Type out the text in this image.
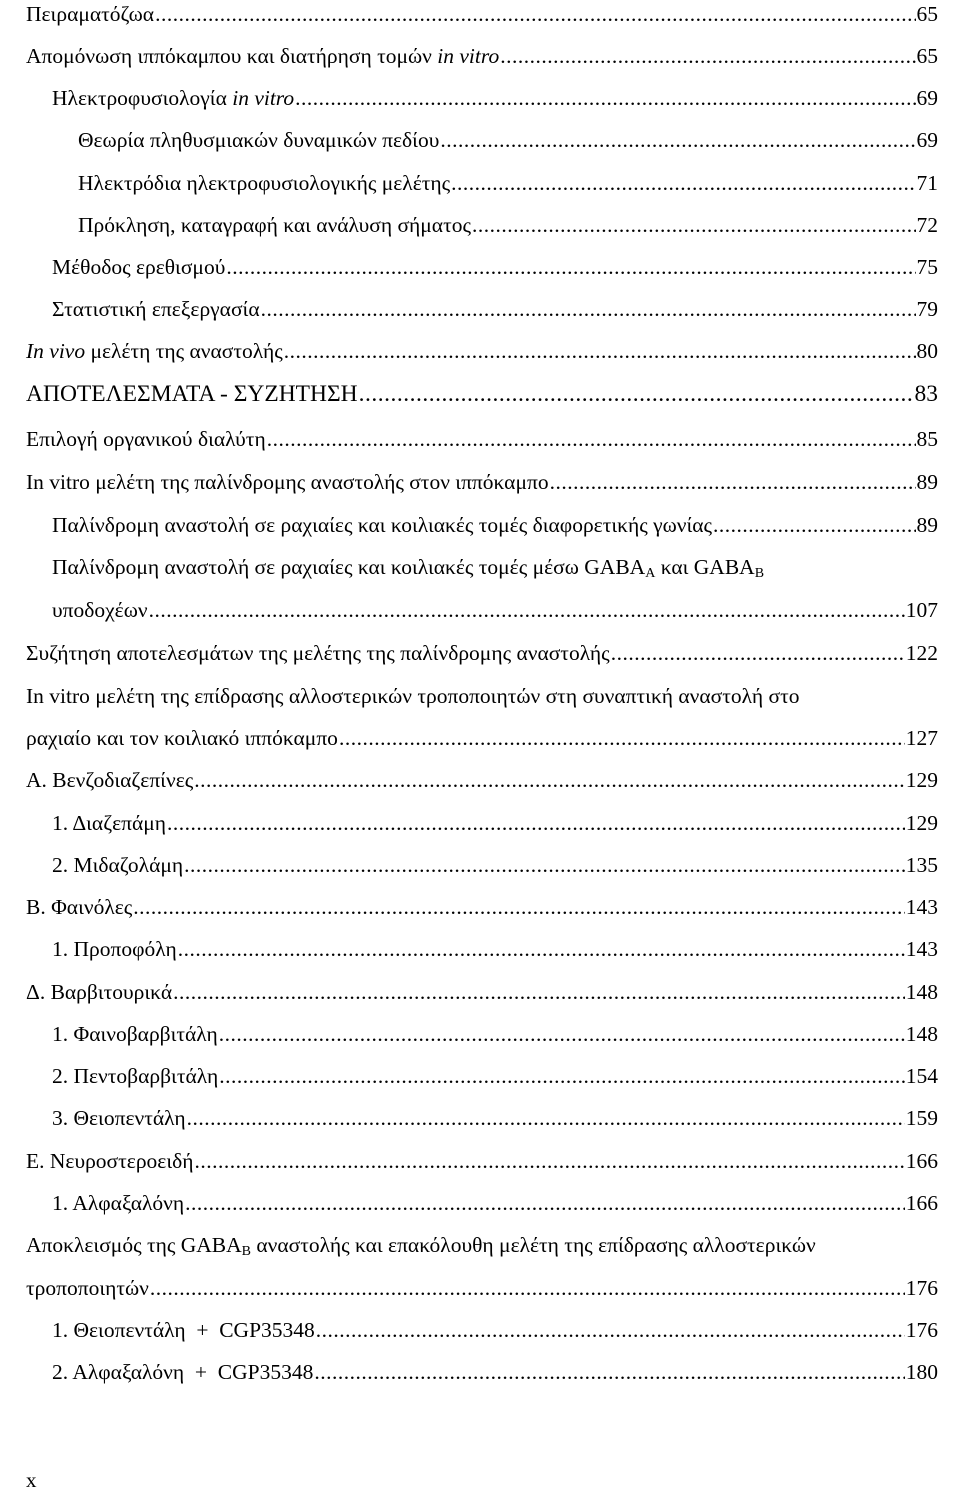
Πειραματόζωα .....	65
Απομόνωση ιππόκαμπου και διατήρηση τομών in vitro .....	65
Ηλεκτροφυσιολογία in vitro .....	69
Θεωρία πληθυσμιακών δυναμικών πεδίου .....	69
Ηλεκτρόδια ηλεκτροφυσιολογικής μελέτης .....	71
Πρόκληση, καταγραφή και ανάλυση σήματος .....	72
Μέθοδος ερεθισμού .....	75
Στατιστική επεξεργασία .....	79
In vivo μελέτη της αναστολής .....	80
ΑΠΟΤΕΛΕΣΜΑΤΑ - ΣΥΖΗΤΗΣΗ .....	83
Επιλογή οργανικού διαλύτη .....	85
In vitro μελέτη της παλίνδρομης αναστολής στον ιππόκαμπο .....	89
Παλίνδρομη αναστολή σε ραχιαίες και κοιλιακές τομές διαφορετικής γωνίας .....	89
Παλίνδρομη αναστολή σε ραχιαίες και κοιλιακές τομές μέσω $GABA_A$ και $GABA_B$
υποδοχέων .....	107
Συζήτηση αποτελεσμάτων της μελέτης της παλίνδρομης αναστολής .....	122
In vitro μελέτη της επίδρασης αλλοστερικών τροποποιητών στη συναπτική αναστολή στο
ραχιαίο και τον κοιλιακό ιππόκαμπο .....	127
Α. Βενζοδιαζεπίνες .....	129
1. Διαζεπάμη .....	129
2. Μιδαζολάμη .....	135
Β. Φαινόλες .....	143
1. Προποφόλη .....	143
Δ. Βαρβιτουρικά .....	148
1. Φαινοβαρβιτάλη .....	148
2. Πεντοβαρβιτάλη .....	154
3. Θειοπεντάλη .....	159
Ε. Νευροστεροειδή .....	166
1. Αλφαξαλόνη .....	166
Αποκλεισμός της $GABA_B$ αναστολής και επακόλουθη μελέτη της επίδρασης αλλοστερικών
τροποποιητών .....	176
1. Θειοπεντάλη  +  CGP35348 .....	176
2. Αλφαξαλόνη  +  CGP35348 .....	180
x
